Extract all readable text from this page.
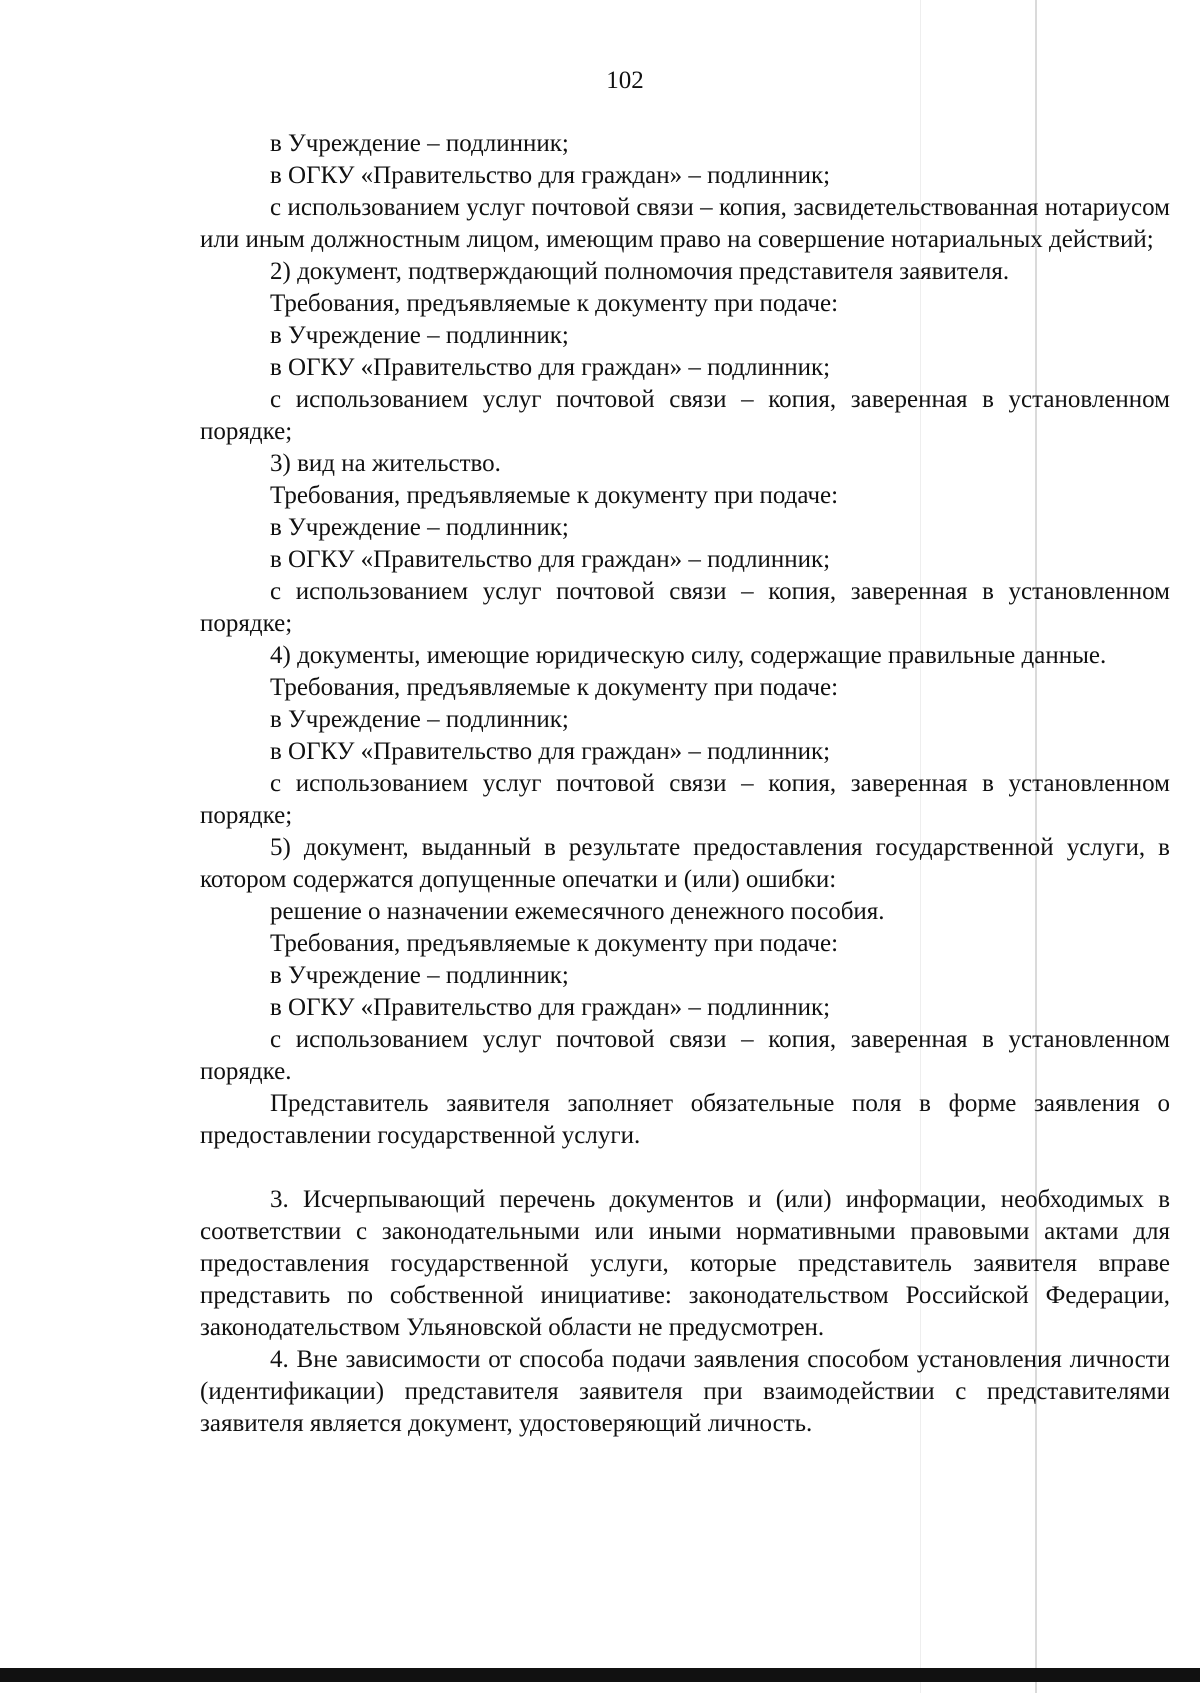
102

в Учреждение – подлинник;

в ОГКУ «Правительство для граждан» – подлинник;

с использованием услуг почтовой связи – копия, засвидетельствованная нотариусом или иным должностным лицом, имеющим право на совершение нотариальных действий;

2) документ, подтверждающий полномочия представителя заявителя.

Требования, предъявляемые к документу при подаче:

в Учреждение – подлинник;

в ОГКУ «Правительство для граждан» – подлинник;

с использованием услуг почтовой связи – копия, заверенная в установленном порядке;

3) вид на жительство.

Требования, предъявляемые к документу при подаче:

в Учреждение – подлинник;

в ОГКУ «Правительство для граждан» – подлинник;

с использованием услуг почтовой связи – копия, заверенная в установленном порядке;

4) документы, имеющие юридическую силу, содержащие правильные данные.

Требования, предъявляемые к документу при подаче:

в Учреждение – подлинник;

в ОГКУ «Правительство для граждан» – подлинник;

с использованием услуг почтовой связи – копия, заверенная в установленном порядке;

5) документ, выданный в результате предоставления государственной услуги, в котором содержатся допущенные опечатки и (или) ошибки:

решение о назначении ежемесячного денежного пособия.

Требования, предъявляемые к документу при подаче:

в Учреждение – подлинник;

в ОГКУ «Правительство для граждан» – подлинник;

с использованием услуг почтовой связи – копия, заверенная в установленном порядке.

Представитель заявителя заполняет обязательные поля в форме заявления о предоставлении государственной услуги.

3. Исчерпывающий перечень документов и (или) информации, необходимых в соответствии с законодательными или иными нормативными правовыми актами для предоставления государственной услуги, которые представитель заявителя вправе представить по собственной инициативе: законодательством Российской Федерации, законодательством Ульяновской области не предусмотрен.

4. Вне зависимости от способа подачи заявления способом установления личности (идентификации) представителя заявителя при взаимодействии с представителями заявителя является документ, удостоверяющий личность.
